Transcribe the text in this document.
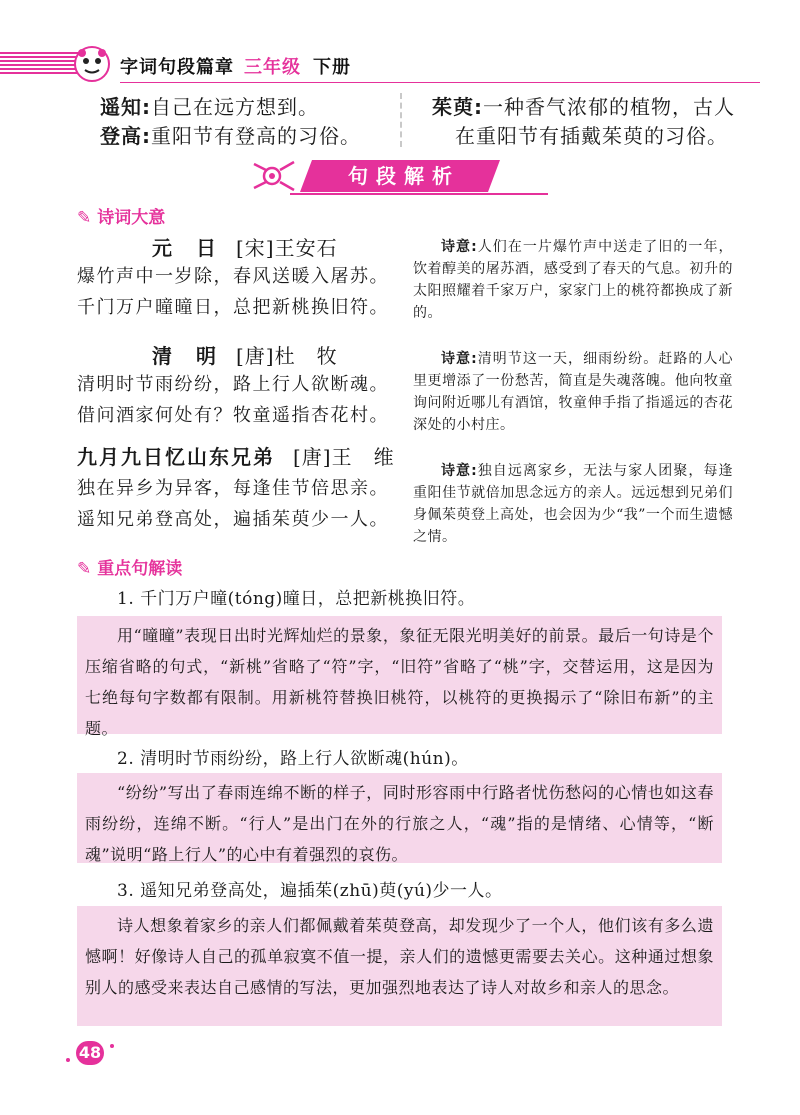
字词句段篇章 三年级 下册
遥知:自己在远方想到。
登高:重阳节有登高的习俗。
茱萸:一种香气浓郁的植物，古人
在重阳节有插戴茱萸的习俗。
句段解析
✎ 诗词大意
元　日 [宋]王安石
爆竹声中一岁除，春风送暖入屠苏。
千门万户曈曈日，总把新桃换旧符。
清　明 [唐]杜　牧
清明时节雨纷纷，路上行人欲断魂。
借问酒家何处有？牧童遥指杏花村。
九月九日忆山东兄弟 [唐]王　维
独在异乡为异客，每逢佳节倍思亲。
遥知兄弟登高处，遍插茱萸少一人。
诗意:人们在一片爆竹声中送走了旧的一年，饮着醇美的屠苏酒，感受到了春天的气息。初升的太阳照耀着千家万户，家家门上的桃符都换成了新的。
诗意:清明节这一天，细雨纷纷。赶路的人心里更增添了一份愁苦，简直是失魂落魄。他向牧童询问附近哪儿有酒馆，牧童伸手指了指遥远的杏花深处的小村庄。
诗意:独自远离家乡，无法与家人团聚，每逢重阳佳节就倍加思念远方的亲人。远远想到兄弟们身佩茱萸登上高处，也会因为少“我”一个而生遗憾之情。
✎ 重点句解读
1. 千门万户曈(tóng)曈日，总把新桃换旧符。
用“曈曈”表现日出时光辉灿烂的景象，象征无限光明美好的前景。最后一句诗是个压缩省略的句式，“新桃”省略了“符”字，“旧符”省略了“桃”字，交替运用，这是因为七绝每句字数都有限制。用新桃符替换旧桃符，以桃符的更换揭示了“除旧布新”的主题。
2. 清明时节雨纷纷，路上行人欲断魂(hún)。
“纷纷”写出了春雨连绵不断的样子，同时形容雨中行路者忧伤愁闷的心情也如这春雨纷纷，连绵不断。“行人”是出门在外的行旅之人，“魂”指的是情绪、心情等，“断魂”说明“路上行人”的心中有着强烈的哀伤。
3. 遥知兄弟登高处，遍插茱(zhū)萸(yú)少一人。
诗人想象着家乡的亲人们都佩戴着茱萸登高，却发现少了一个人，他们该有多么遗憾啊！好像诗人自己的孤单寂寞不值一提，亲人们的遗憾更需要去关心。这种通过想象别人的感受来表达自己感情的写法，更加强烈地表达了诗人对故乡和亲人的思念。
48
